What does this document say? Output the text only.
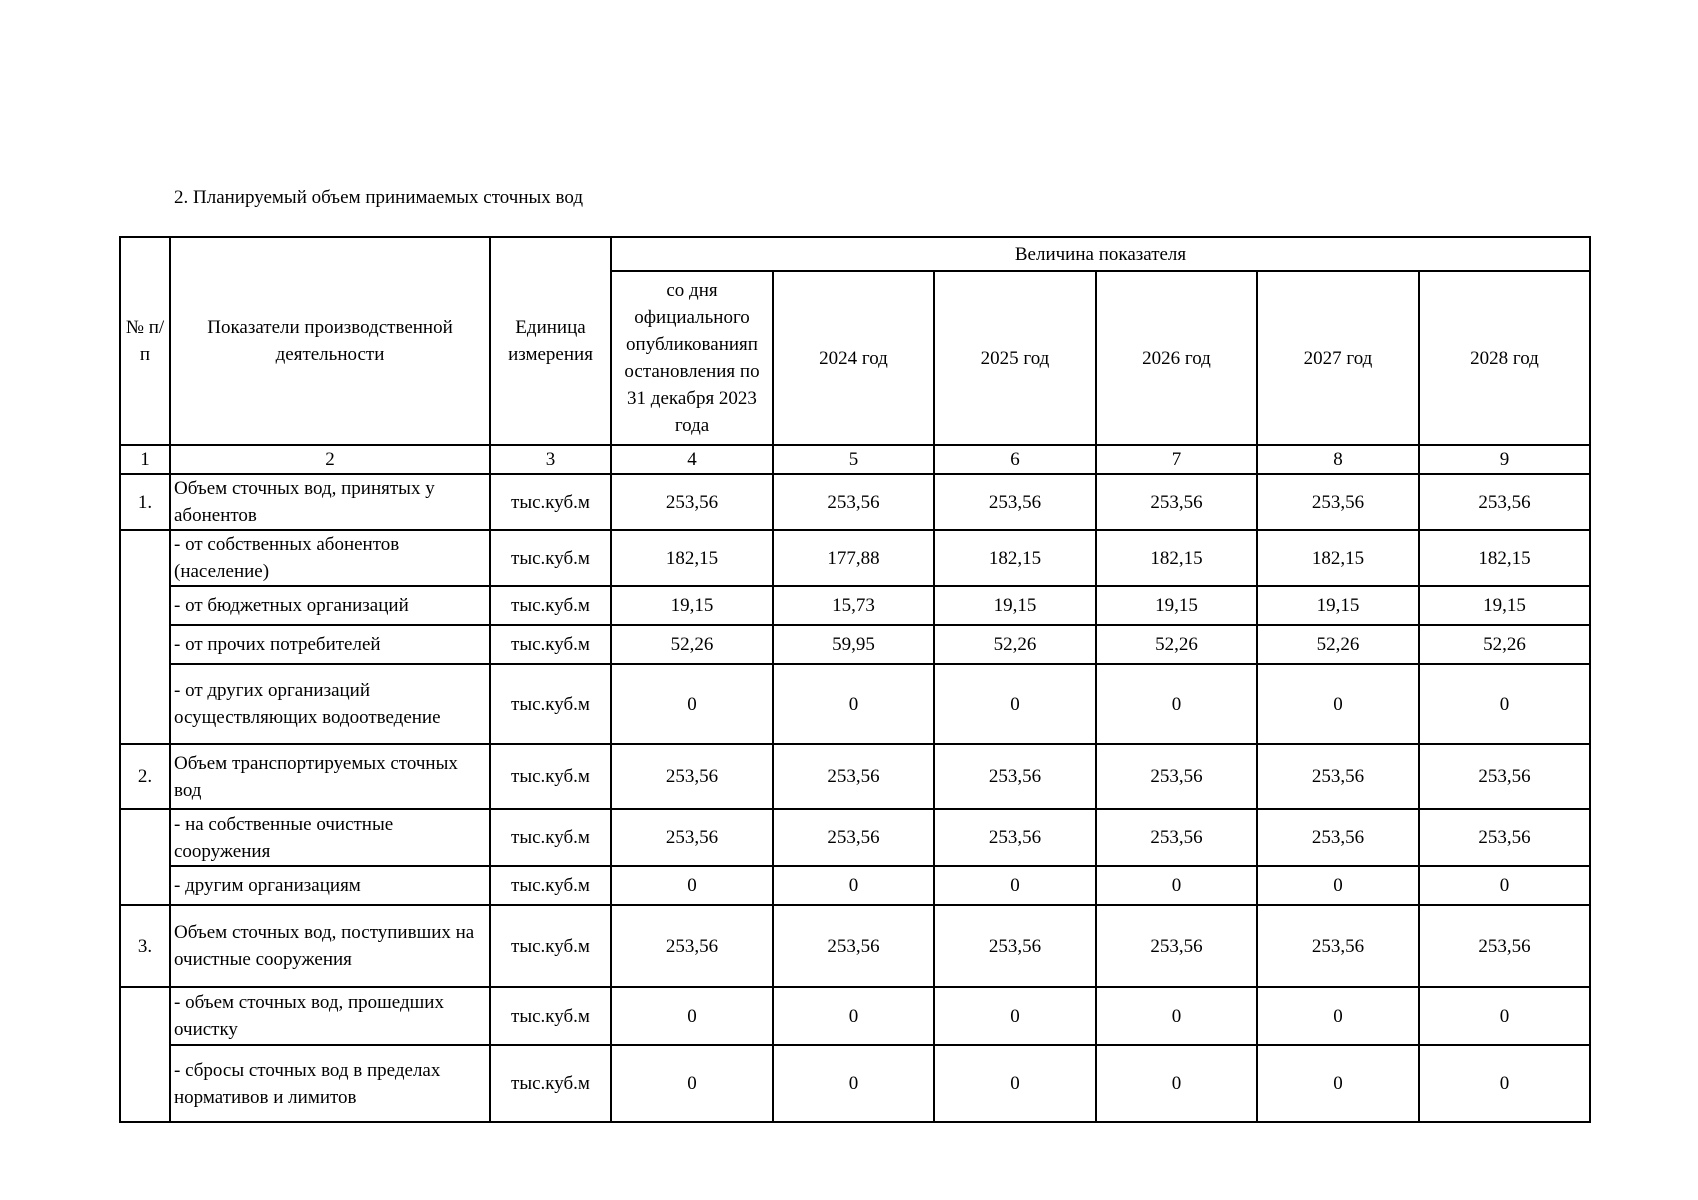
2. Планируемый объем принимаемых сточных вод
№ п/п	Показатели производственной деятельности	Единица измерения	Величина показателя					
			со дня официального опубликованияп остановления по 31 декабря 2023 года	2024 год	2025 год	2026 год	2027 год	2028 год
1	2	3	4	5	6	7	8	9
1.	Объем сточных вод, принятых у абонентов	тыс.куб.м	253,56	253,56	253,56	253,56	253,56	253,56
	- от собственных абонентов (население)	тыс.куб.м	182,15	177,88	182,15	182,15	182,15	182,15
	- от бюджетных организаций	тыс.куб.м	19,15	15,73	19,15	19,15	19,15	19,15
	- от прочих потребителей	тыс.куб.м	52,26	59,95	52,26	52,26	52,26	52,26
	- от других организаций осуществляющих водоотведение	тыс.куб.м	0	0	0	0	0	0
2.	Объем транспортируемых сточных вод	тыс.куб.м	253,56	253,56	253,56	253,56	253,56	253,56
	- на собственные очистные сооружения	тыс.куб.м	253,56	253,56	253,56	253,56	253,56	253,56
	- другим организациям	тыс.куб.м	0	0	0	0	0	0
3.	Объем сточных вод, поступивших на очистные сооружения	тыс.куб.м	253,56	253,56	253,56	253,56	253,56	253,56
	- объем сточных вод, прошедших очистку	тыс.куб.м	0	0	0	0	0	0
	- сбросы сточных вод в пределах нормативов и лимитов	тыс.куб.м	0	0	0	0	0	0
